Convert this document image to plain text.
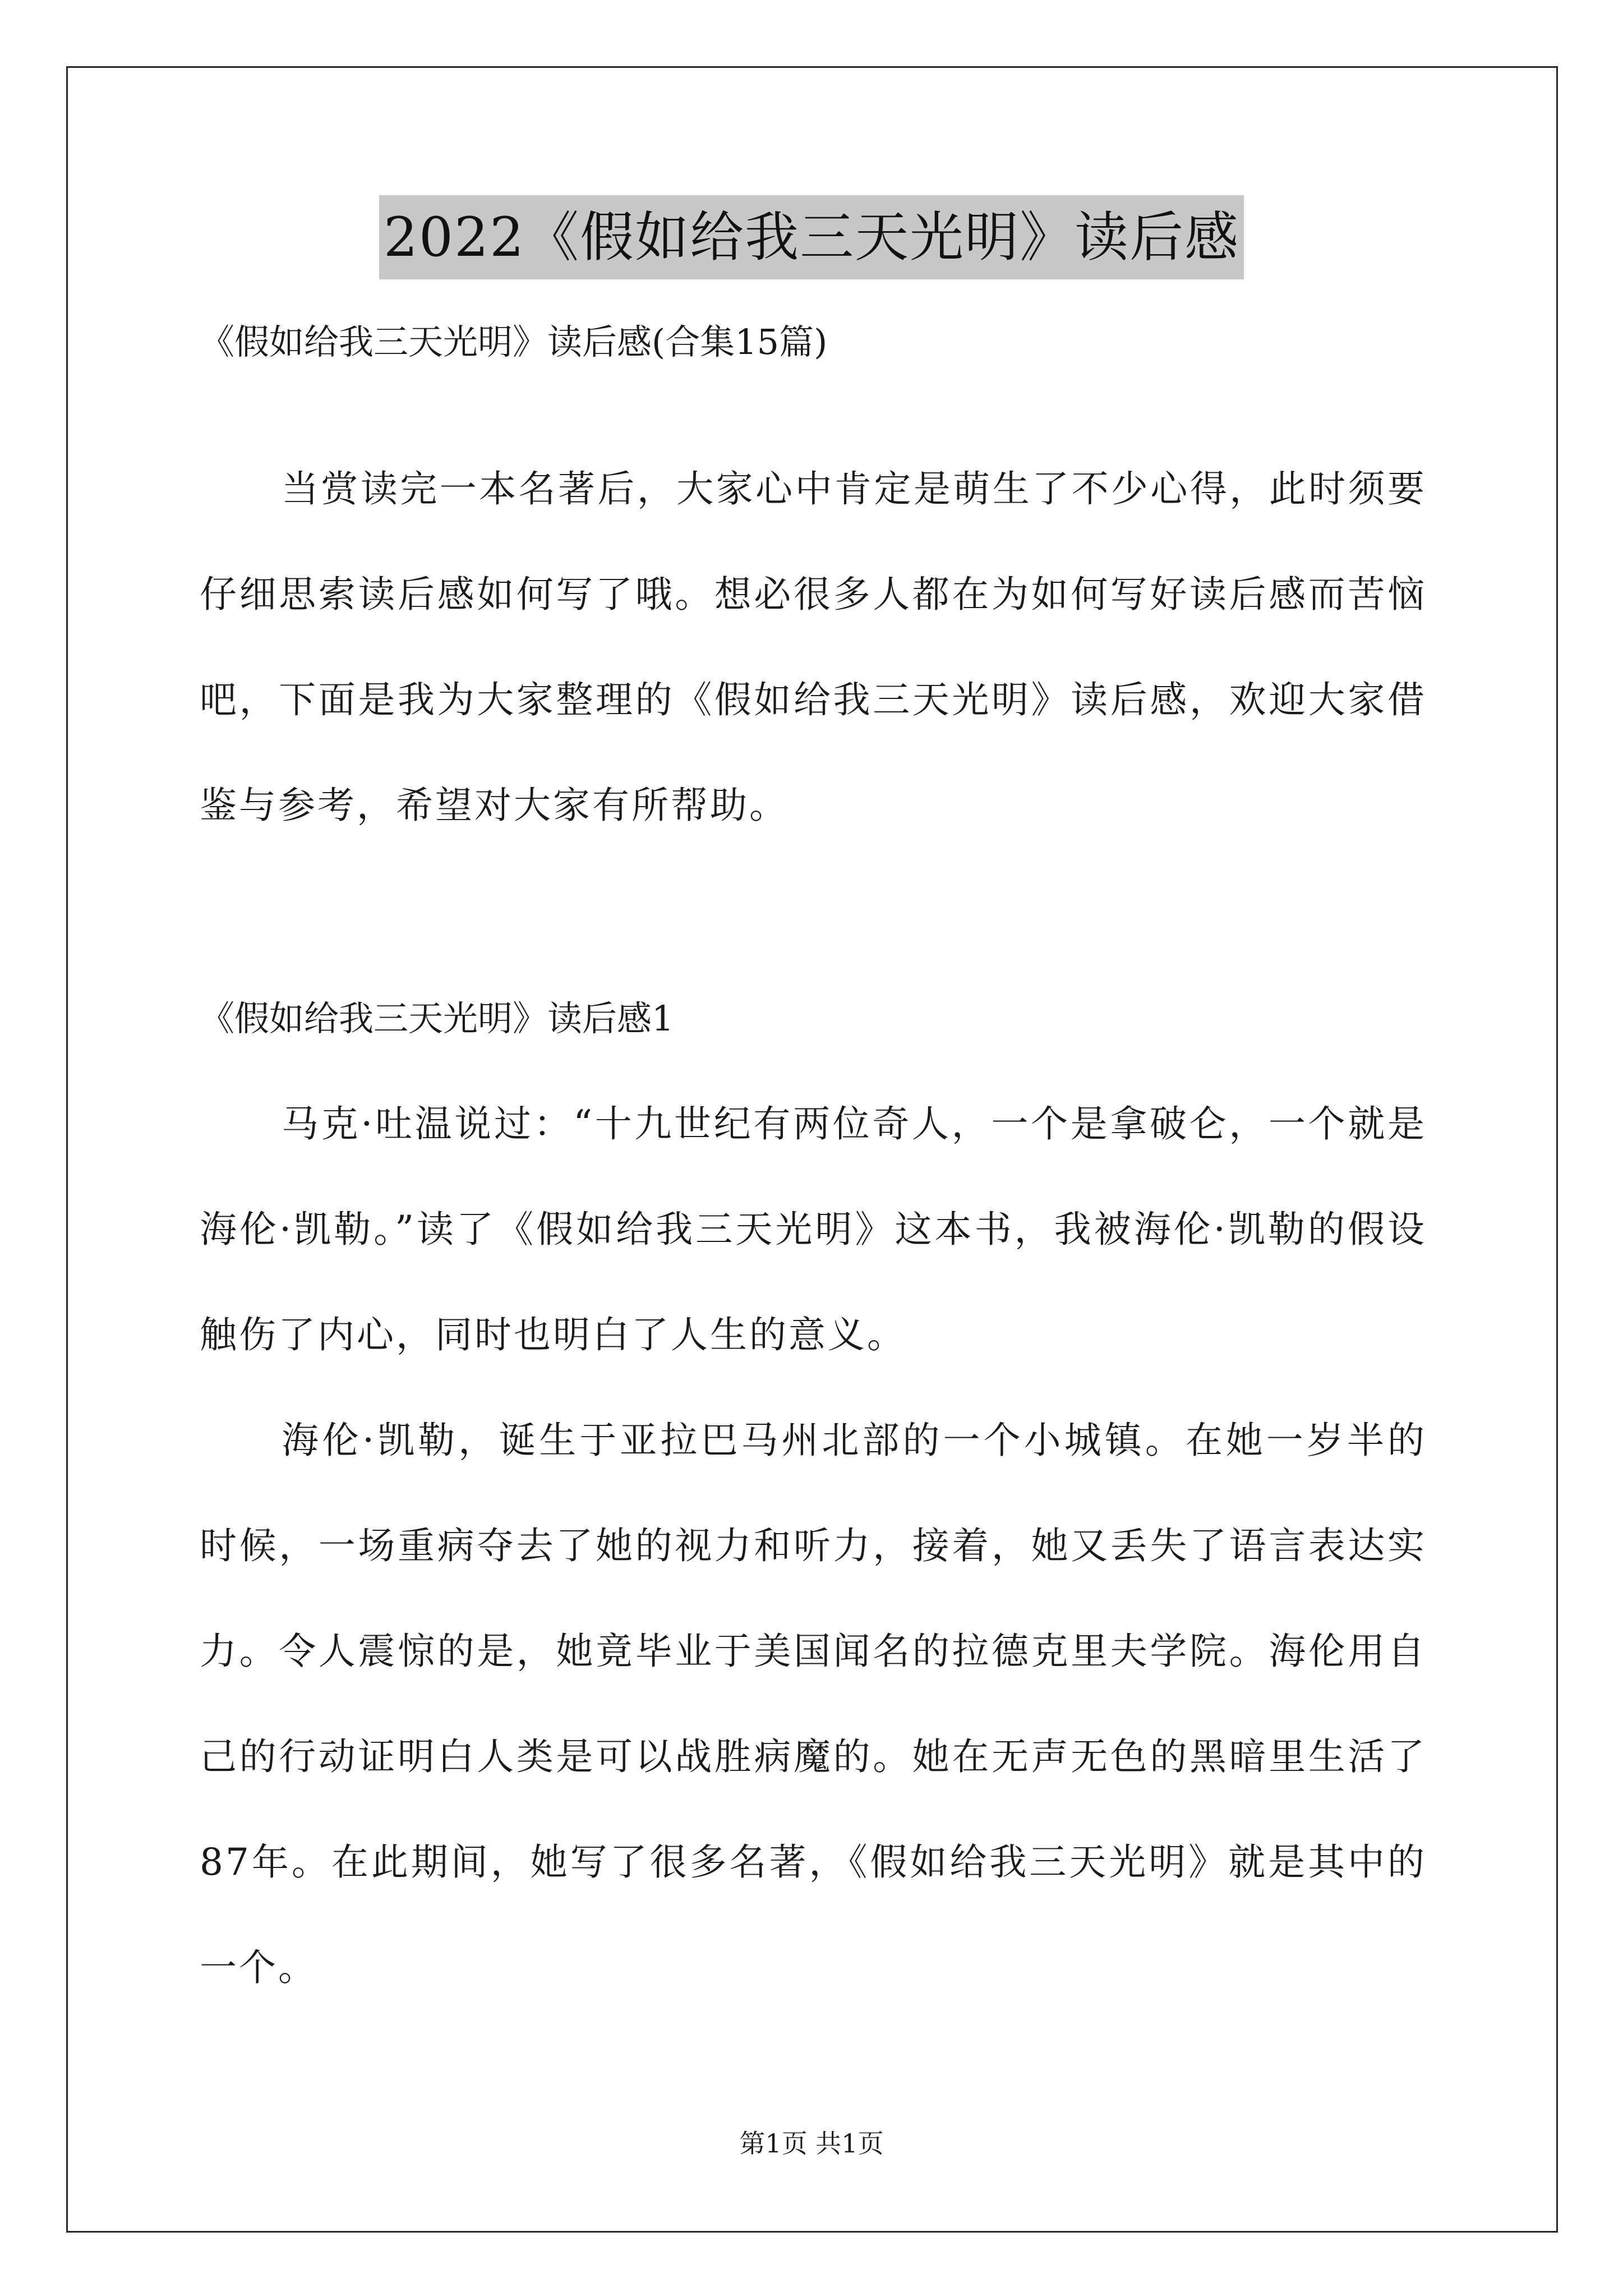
2022《假如给我三天光明》读后感
《假如给我三天光明》读后感(合集15篇)
当赏读完一本名著后，大家心中肯定是萌生了不少心得，此时须要仔细思索读后感如何写了哦。想必很多人都在为如何写好读后感而苦恼吧，下面是我为大家整理的《假如给我三天光明》读后感，欢迎大家借鉴与参考，希望对大家有所帮助。
《假如给我三天光明》读后感1
马克·吐温说过：“十九世纪有两位奇人，一个是拿破仑，一个就是海伦·凯勒。”读了《假如给我三天光明》这本书，我被海伦·凯勒的假设触伤了内心，同时也明白了人生的意义。
海伦·凯勒，诞生于亚拉巴马州北部的一个小城镇。在她一岁半的时候，一场重病夺去了她的视力和听力，接着，她又丢失了语言表达实力。令人震惊的是，她竟毕业于美国闻名的拉德克里夫学院。海伦用自己的行动证明白人类是可以战胜病魔的。她在无声无色的黑暗里生活了87年。在此期间，她写了很多名著，《假如给我三天光明》就是其中的一个。
第1页 共1页
